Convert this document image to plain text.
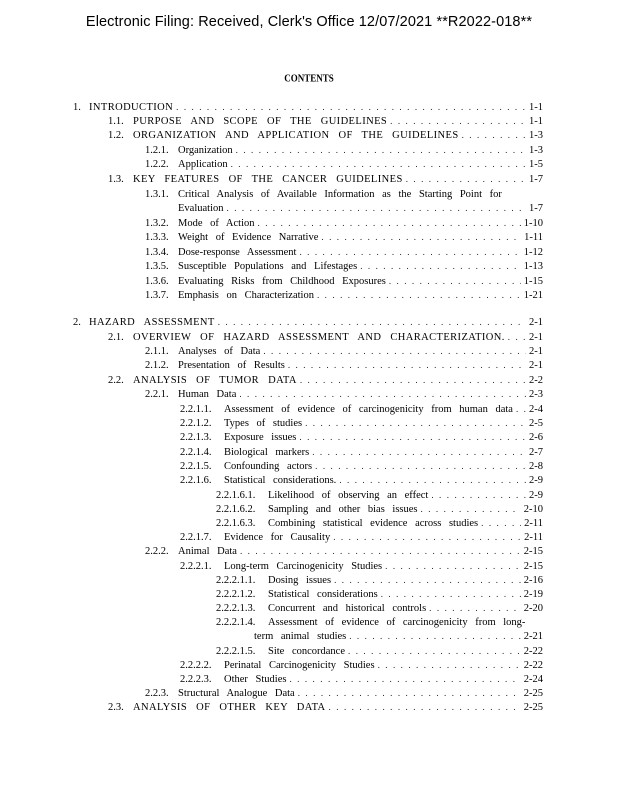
Electronic Filing: Received, Clerk's Office 12/07/2021 **R2022-018**
CONTENTS
1. INTRODUCTION . . .	1-1
1.1. PURPOSE AND SCOPE OF THE GUIDELINES . . .	1-1
1.2. ORGANIZATION AND APPLICATION OF THE GUIDELINES . . .	1-3
1.2.1. Organization . . .	1-3
1.2.2. Application . . .	1-5
1.3. KEY FEATURES OF THE CANCER GUIDELINES . . .	1-7
1.3.1. Critical Analysis of Available Information as the Starting Point for
Evaluation . . .	1-7
1.3.2. Mode of Action . . .	1-10
1.3.3. Weight of Evidence Narrative . . .	1-11
1.3.4. Dose-response Assessment . . .	1-12
1.3.5. Susceptible Populations and Lifestages . . .	1-13
1.3.6. Evaluating Risks from Childhood Exposures . . .	1-15
1.3.7. Emphasis on Characterization . . .	1-21
2. HAZARD ASSESSMENT . . .	2-1
2.1. OVERVIEW OF HAZARD ASSESSMENT AND CHARACTERIZATION. . . . 2-1
2.1.1. Analyses of Data . . .	2-1
2.1.2. Presentation of Results . . .	2-1
2.2. ANALYSIS OF TUMOR DATA . . .	2-2
2.2.1. Human Data . . .	2-3
2.2.1.1.	Assessment of evidence of carcinogenicity from human data . . . 2-4
2.2.1.2.	Types of studies . . .	2-5
2.2.1.3.	Exposure issues . . .	2-6
2.2.1.4.	Biological markers . . .	2-7
2.2.1.5.	Confounding actors . . .	2-8
2.2.1.6.	Statistical considerations. . . .	2-9
2.2.1.6.1.	Likelihood of observing an effect . . .	2-9
2.2.1.6.2.	Sampling and other bias issues . . .	2-10
2.2.1.6.3.	Combining statistical evidence across studies . . .	2-11
2.2.1.7.	Evidence for Causality . . .	2-11
2.2.2. Animal Data . . .	2-15
2.2.2.1.	Long-term Carcinogenicity Studies . . .	2-15
2.2.2.1.1.	Dosing issues . . .	2-16
2.2.2.1.2.	Statistical considerations . . .	2-19
2.2.2.1.3.	Concurrent and historical controls . . .	2-20
2.2.2.1.4.	Assessment of evidence of carcinogenicity from long-
term animal studies . . .	2-21
2.2.2.1.5.	Site concordance . . .	2-22
2.2.2.2.	Perinatal Carcinogenicity Studies . . .	2-22
2.2.2.3.	Other Studies . . .	2-24
2.2.3. Structural Analogue Data . . .	2-25
2.3. ANALYSIS OF OTHER KEY DATA . . .	2-25
